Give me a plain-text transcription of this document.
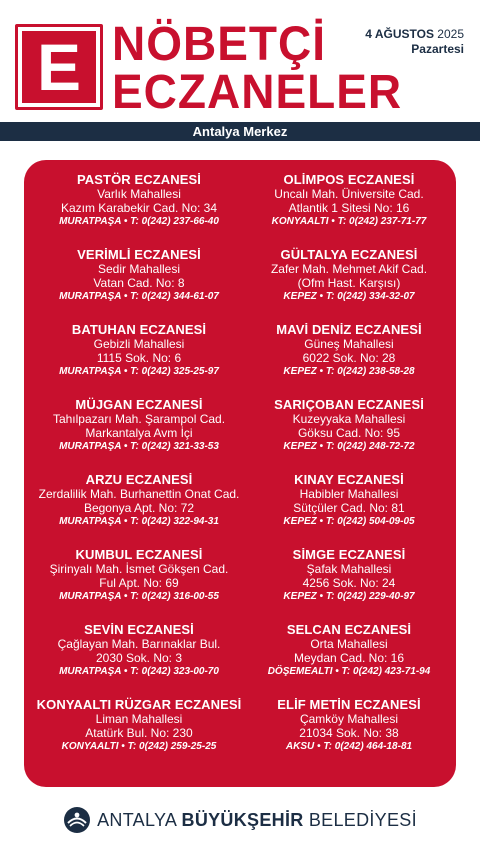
E NÖBETÇİ
ECZANELER
4 AĞUSTOS 2025
Pazartesi
Antalya Merkez
PASTÖR ECZANESİ
Varlık Mahallesi
Kazım Karabekir Cad. No: 34
MURATPAŞA • T: 0(242) 237-66-40
VERİMLİ ECZANESİ
Sedir Mahallesi
Vatan Cad. No: 8
MURATPAŞA • T: 0(242) 344-61-07
BATUHAN ECZANESİ
Gebizli Mahallesi
1115 Sok. No: 6
MURATPAŞA • T: 0(242) 325-25-97
MÜJGAN ECZANESİ
Tahılpazarı Mah. Şarampol Cad.
Markantalya Avm İçi
MURATPAŞA • T: 0(242) 321-33-53
ARZU ECZANESİ
Zerdalilik Mah. Burhanettin Onat Cad.
Begonya Apt. No: 72
MURATPAŞA • T: 0(242) 322-94-31
KUMBUL ECZANESİ
Şirinyalı Mah. İsmet Gökşen Cad.
Ful Apt. No: 69
MURATPAŞA • T: 0(242) 316-00-55
SEVİN ECZANESİ
Çağlayan Mah. Barınaklar Bul.
2030 Sok. No: 3
MURATPAŞA • T: 0(242) 323-00-70
KONYAALTI RÜZGAR ECZANESİ
Liman Mahallesi
Atatürk Bul. No: 230
KONYAALTI • T: 0(242) 259-25-25
OLİMPOS ECZANESİ
Uncalı Mah. Üniversite Cad.
Atlantik 1 Sitesi No: 16
KONYAALTI • T: 0(242) 237-71-77
GÜLTALYA ECZANESİ
Zafer Mah. Mehmet Akif Cad.
(Ofm Hast. Karşısı)
KEPEZ • T: 0(242) 334-32-07
MAVİ DENİZ ECZANESİ
Güneş Mahallesi
6022 Sok. No: 28
KEPEZ • T: 0(242) 238-58-28
SARIÇOBAN ECZANESİ
Kuzeyyaka Mahallesi
Göksu Cad. No: 95
KEPEZ • T: 0(242) 248-72-72
KINAY ECZANESİ
Habibler Mahallesi
Sütçüler Cad. No: 81
KEPEZ • T: 0(242) 504-09-05
SİMGE ECZANESİ
Şafak Mahallesi
4256 Sok. No: 24
KEPEZ • T: 0(242) 229-40-97
SELCAN ECZANESİ
Orta Mahallesi
Meydan Cad. No: 16
DÖŞEMEALTI • T: 0(242) 423-71-94
ELİF METİN ECZANESİ
Çamköy Mahallesi
21034 Sok. No: 38
AKSU • T: 0(242) 464-18-81
ANTALYA BÜYÜKŞEHİR BELEDİYESİ
